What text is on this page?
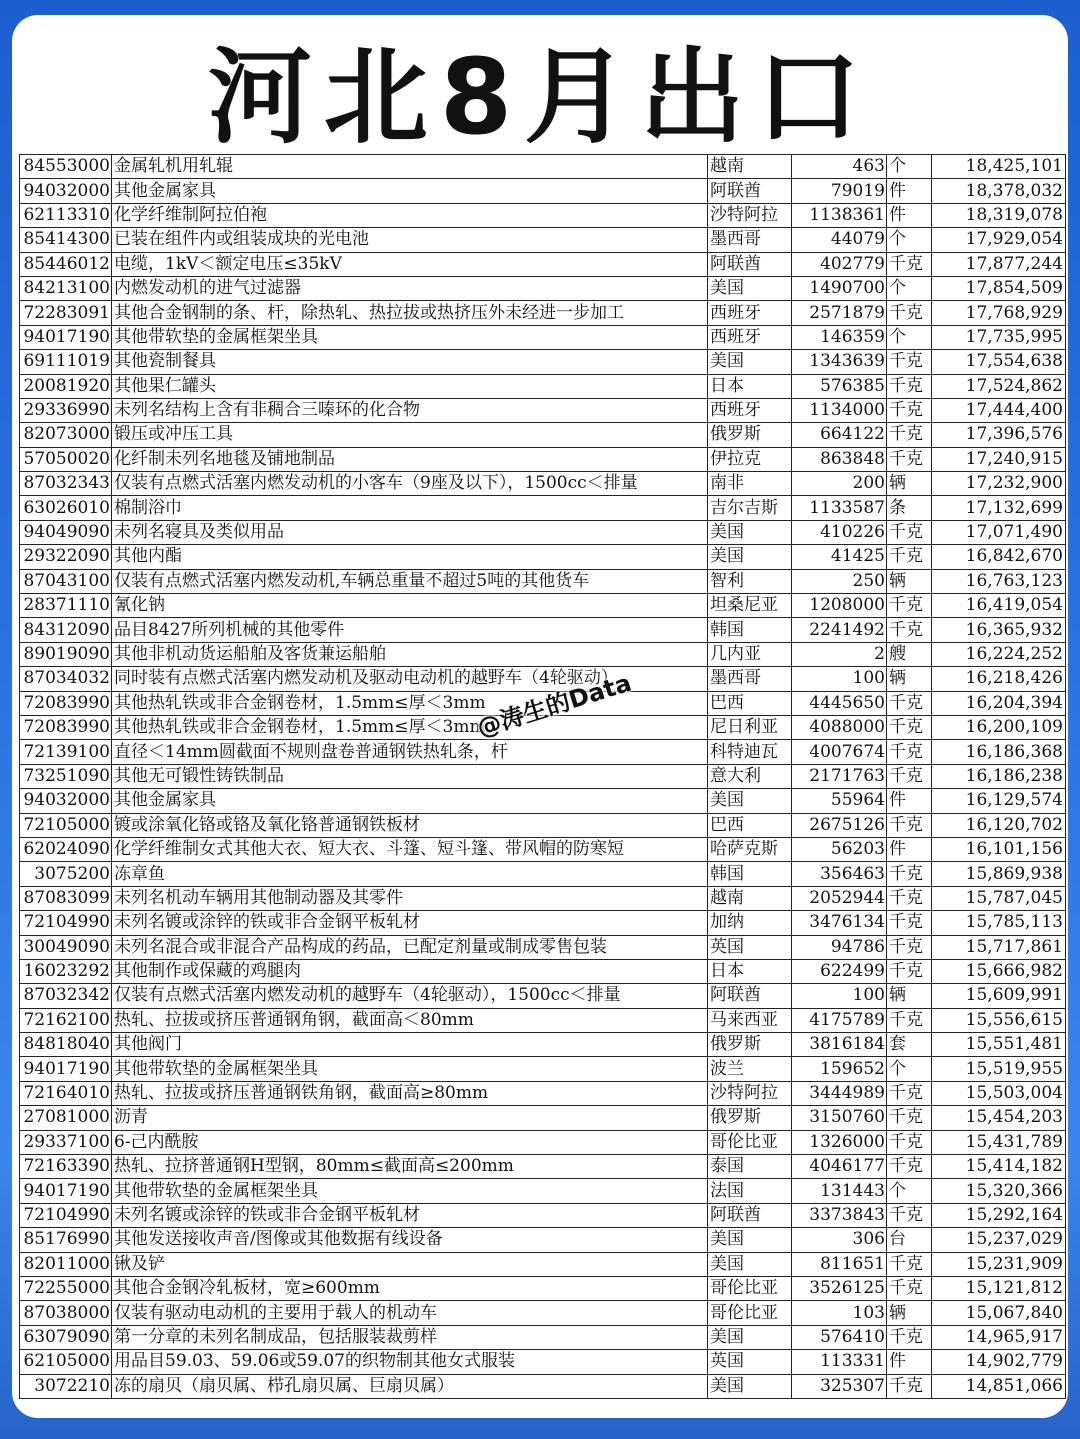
河北8月出口
84553000	金属轧机用轧辊	越南	463	个	18,425,101
94032000	其他金属家具	阿联酋	79019	件	18,378,032
62113310	化学纤维制阿拉伯袍	沙特阿拉	1138361	件	18,319,078
85414300	已装在组件内或组装成块的光电池	墨西哥	44079	个	17,929,054
85446012	电缆，1kV＜额定电压≤35kV	阿联酋	402779	千克	17,877,244
84213100	内燃发动机的进气过滤器	美国	1490700	个	17,854,509
72283091	其他合金钢制的条、杆，除热轧、热拉拔或热挤压外未经进一步加工	西班牙	2571879	千克	17,768,929
94017190	其他带软垫的金属框架坐具	西班牙	146359	个	17,735,995
69111019	其他瓷制餐具	美国	1343639	千克	17,554,638
20081920	其他果仁罐头	日本	576385	千克	17,524,862
29336990	未列名结构上含有非稠合三嗪环的化合物	西班牙	1134000	千克	17,444,400
82073000	锻压或冲压工具	俄罗斯	664122	千克	17,396,576
57050020	化纤制未列名地毯及铺地制品	伊拉克	863848	千克	17,240,915
87032343	仅装有点燃式活塞内燃发动机的小客车（9座及以下），1500cc＜排量	南非	200	辆	17,232,900
63026010	棉制浴巾	吉尔吉斯	1133587	条	17,132,699
94049090	未列名寝具及类似用品	美国	410226	千克	17,071,490
29322090	其他内酯	美国	41425	千克	16,842,670
87043100	仅装有点燃式活塞内燃发动机,车辆总重量不超过5吨的其他货车	智利	250	辆	16,763,123
28371110	氰化钠	坦桑尼亚	1208000	千克	16,419,054
84312090	品目8427所列机械的其他零件	韩国	2241492	千克	16,365,932
89019090	其他非机动货运船舶及客货兼运船舶	几内亚	2	艘	16,224,252
87034032	同时装有点燃式活塞内燃发动机及驱动电动机的越野车（4轮驱动）	墨西哥	100	辆	16,218,426
72083990	其他热轧铁或非合金钢卷材，1.5mm≤厚＜3mm	巴西	4445650	千克	16,204,394
72083990	其他热轧铁或非合金钢卷材，1.5mm≤厚＜3mm	尼日利亚	4088000	千克	16,200,109
72139100	直径＜14mm圆截面不规则盘卷普通钢铁热轧条，杆	科特迪瓦	4007674	千克	16,186,368
73251090	其他无可锻性铸铁制品	意大利	2171763	千克	16,186,238
94032000	其他金属家具	美国	55964	件	16,129,574
72105000	镀或涂氧化铬或铬及氧化铬普通钢铁板材	巴西	2675126	千克	16,120,702
62024090	化学纤维制女式其他大衣、短大衣、斗篷、短斗篷、带风帽的防寒短	哈萨克斯	56203	件	16,101,156
3075200	冻章鱼	韩国	356463	千克	15,869,938
87083099	未列名机动车辆用其他制动器及其零件	越南	2052944	千克	15,787,045
72104990	未列名镀或涂锌的铁或非合金钢平板轧材	加纳	3476134	千克	15,785,113
30049090	未列名混合或非混合产品构成的药品，已配定剂量或制成零售包装	英国	94786	千克	15,717,861
16023292	其他制作或保藏的鸡腿肉	日本	622499	千克	15,666,982
87032342	仅装有点燃式活塞内燃发动机的越野车（4轮驱动），1500cc＜排量	阿联酋	100	辆	15,609,991
72162100	热轧、拉拔或挤压普通钢角钢，截面高＜80mm	马来西亚	4175789	千克	15,556,615
84818040	其他阀门	俄罗斯	3816184	套	15,551,481
94017190	其他带软垫的金属框架坐具	波兰	159652	个	15,519,955
72164010	热轧、拉拔或挤压普通钢铁角钢，截面高≥80mm	沙特阿拉	3444989	千克	15,503,004
27081000	沥青	俄罗斯	3150760	千克	15,454,203
29337100	6-己内酰胺	哥伦比亚	1326000	千克	15,431,789
72163390	热轧、拉挤普通钢H型钢，80mm≤截面高≤200mm	泰国	4046177	千克	15,414,182
94017190	其他带软垫的金属框架坐具	法国	131443	个	15,320,366
72104990	未列名镀或涂锌的铁或非合金钢平板轧材	阿联酋	3373843	千克	15,292,164
85176990	其他发送接收声音/图像或其他数据有线设备	美国	306	台	15,237,029
82011000	锹及铲	美国	811651	千克	15,231,909
72255000	其他合金钢冷轧板材，宽≥600mm	哥伦比亚	3526125	千克	15,121,812
87038000	仅装有驱动电动机的主要用于载人的机动车	哥伦比亚	103	辆	15,067,840
63079090	第一分章的未列名制成品，包括服装裁剪样	美国	576410	千克	14,965,917
62105000	用品目59.03、59.06或59.07的织物制其他女式服装	英国	113331	件	14,902,779
3072210	冻的扇贝（扇贝属、栉孔扇贝属、巨扇贝属）	美国	325307	千克	14,851,066
@涛生的Data
